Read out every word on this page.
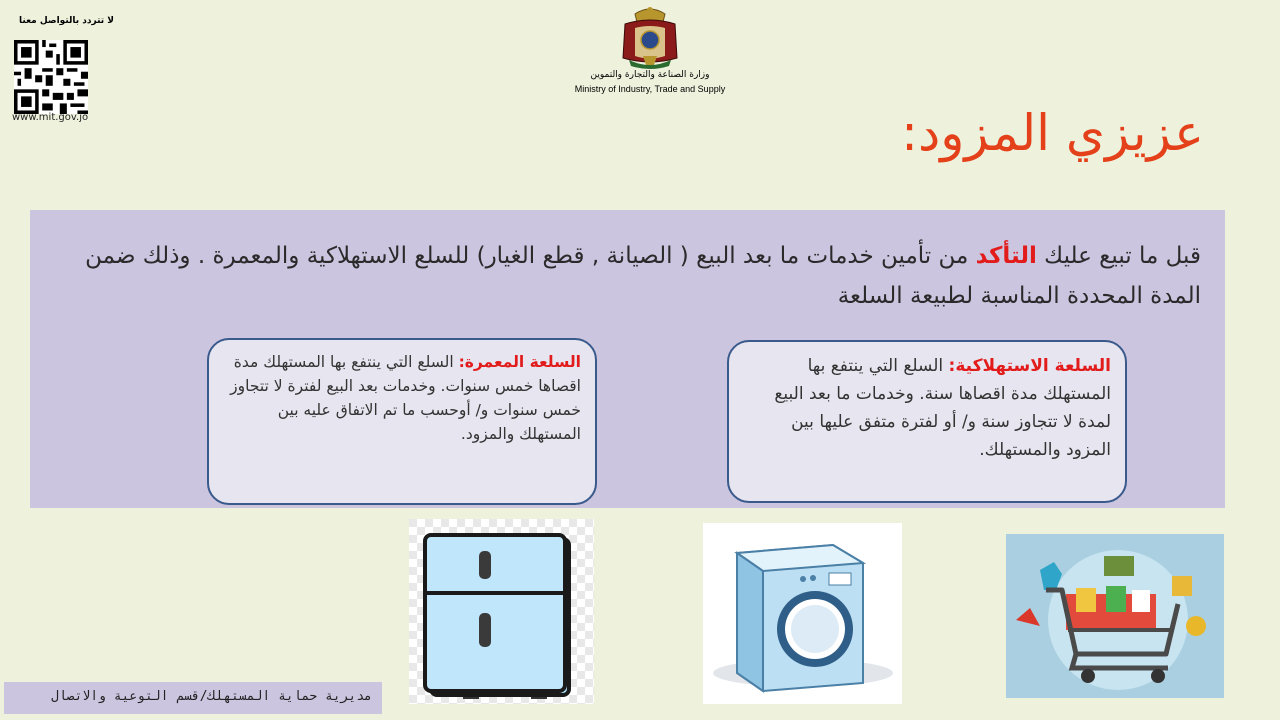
لا تتردد بالتواصل معنا
www.mit.gov.jo
وزارة الصناعة والتجارة والتموين
Ministry of Industry, Trade and Supply
عزيزي المزود:
قبل ما تبيع عليك التأكد من تأمين خدمات ما بعد البيع ( الصيانة , قطع الغيار) للسلع الاستهلاكية والمعمرة . وذلك ضمن المدة المحددة المناسبة لطبيعة السلعة
السلعة الاستهلاكية: السلع التي ينتفع بها المستهلك مدة اقصاها سنة. وخدمات ما بعد البيع لمدة لا تتجاوز سنة و/ أو لفترة متفق عليها بين المزود والمستهلك.
السلعة المعمرة: السلع التي ينتفع بها المستهلك مدة اقصاها خمس سنوات. وخدمات بعد البيع لفترة لا تتجاوز خمس سنوات و/ أوحسب ما تم الاتفاق عليه بين المستهلك والمزود.
مديرية حماية المستهلك/قسم التوعية والاتصال
